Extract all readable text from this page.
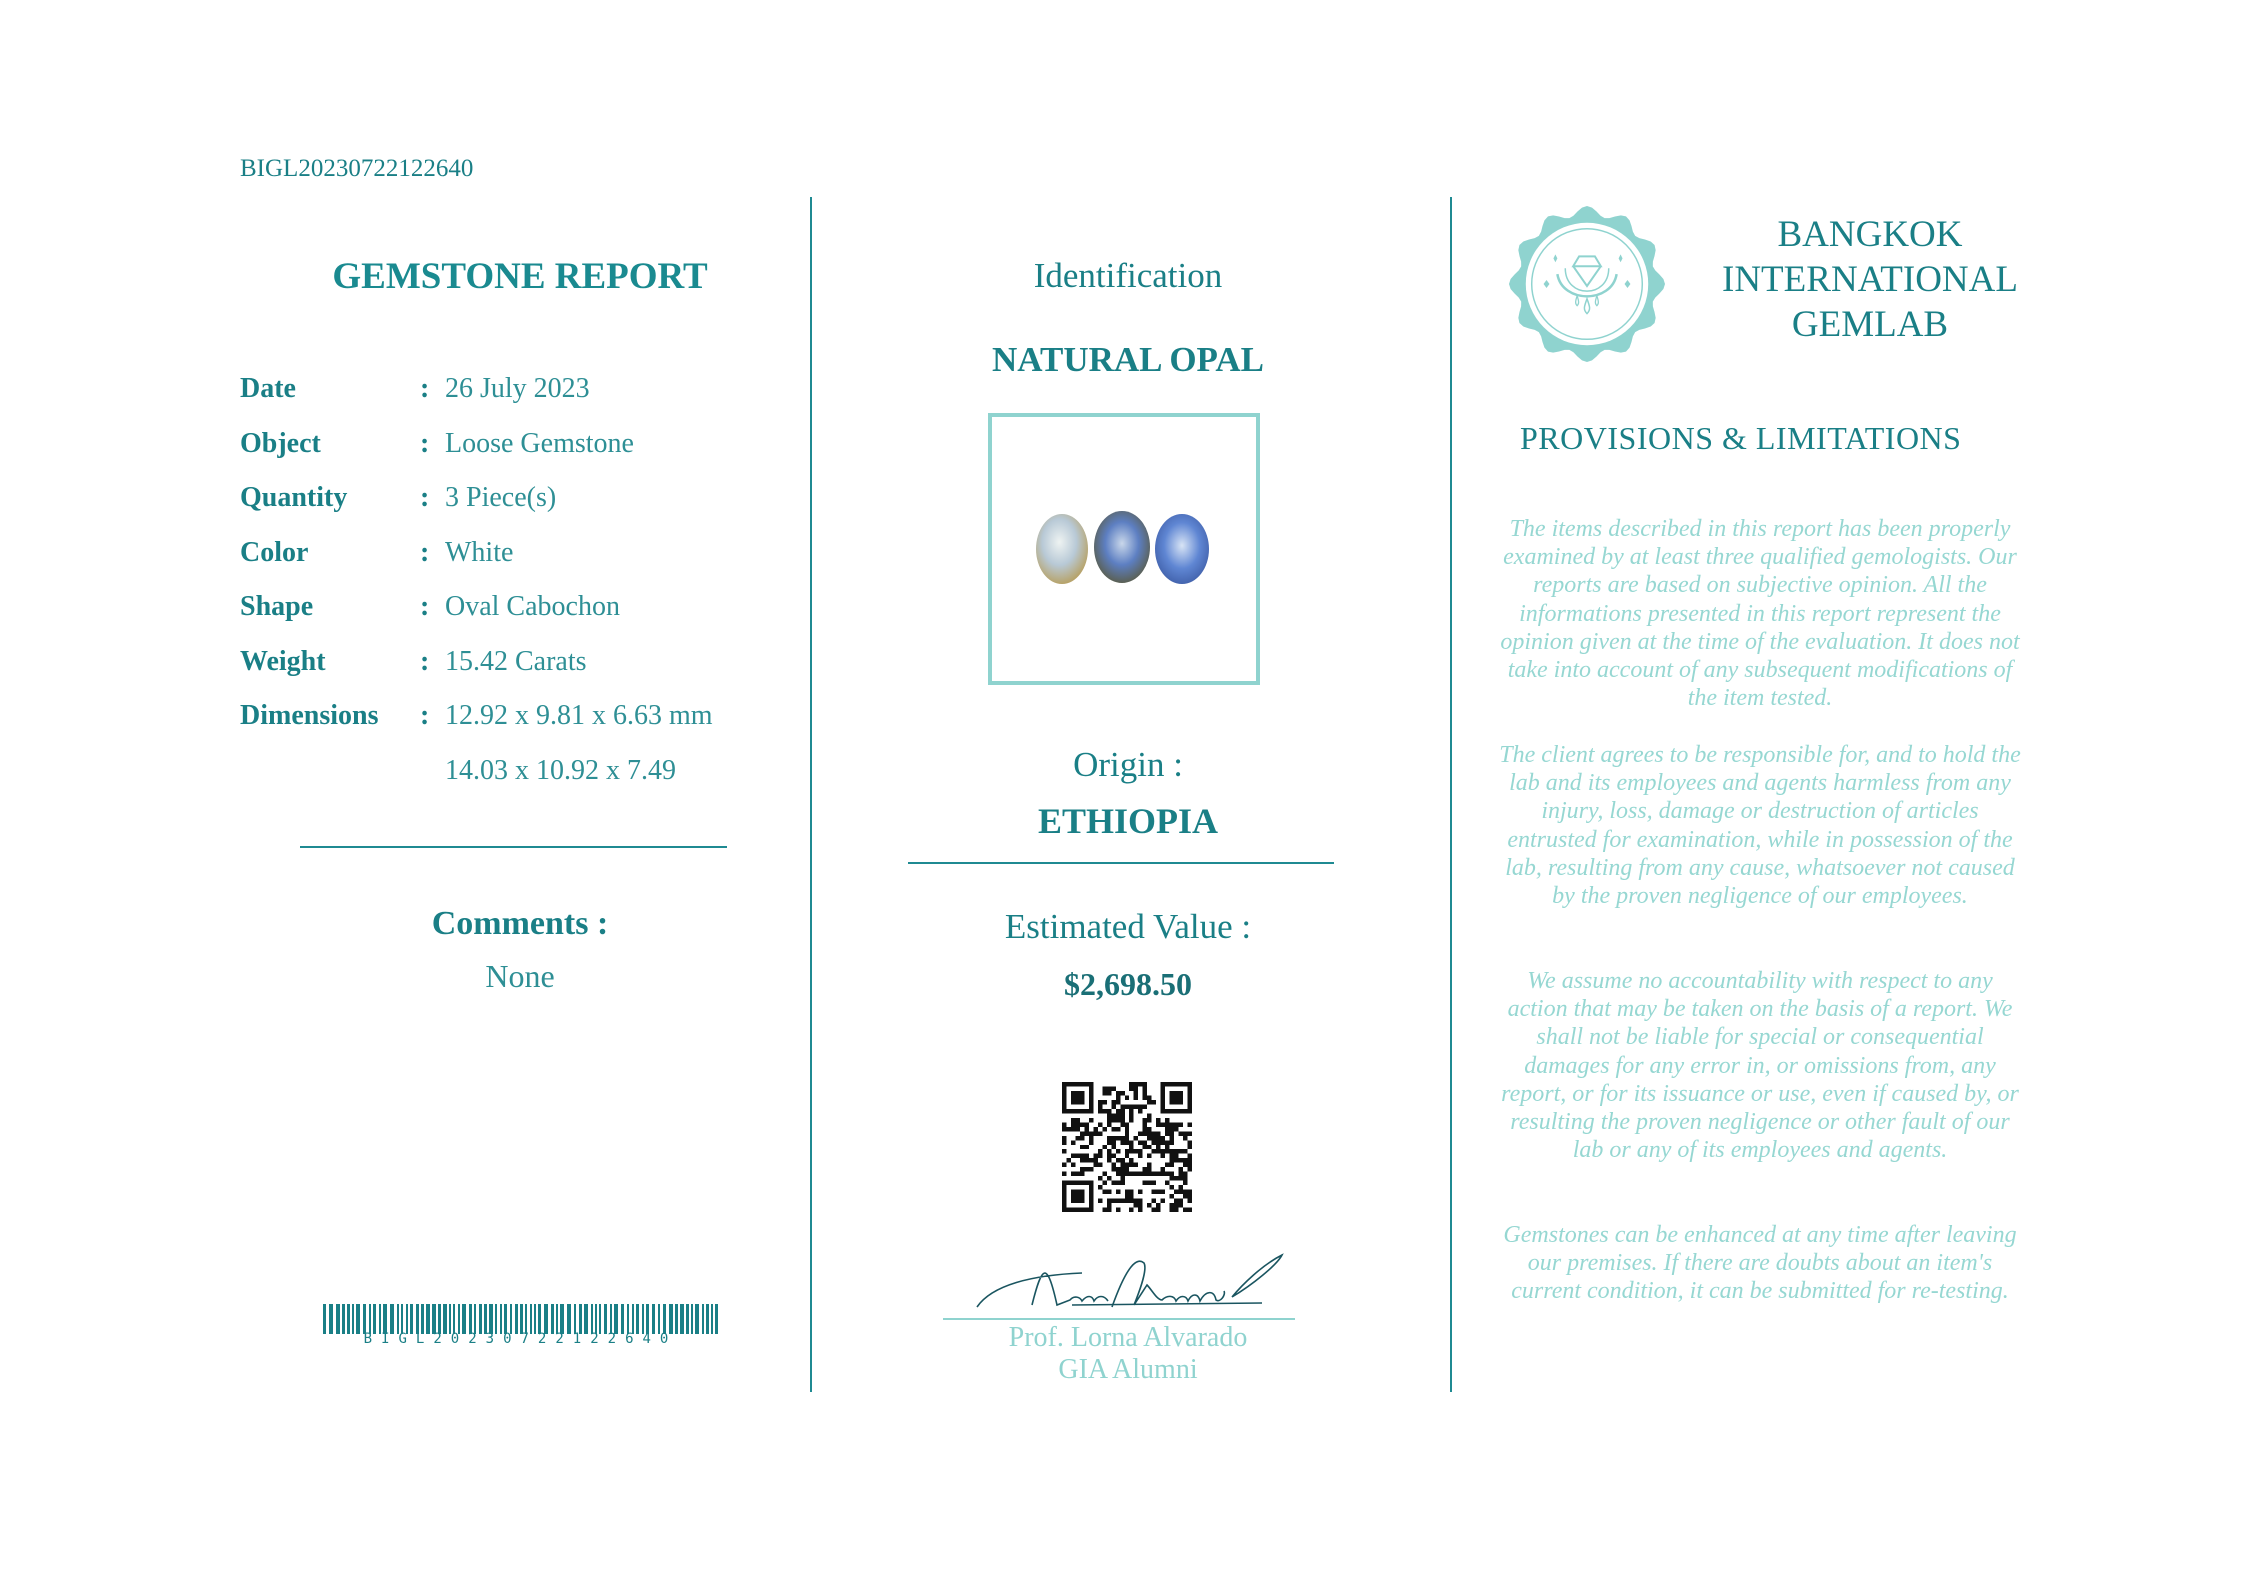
BIGL20230722122640
GEMSTONE REPORT
Date	: 26 July 2023
Object	: Loose Gemstone
Quantity	: 3 Piece(s)
Color	: White
Shape	: Oval Cabochon
Weight	: 15.42 Carats
Dimensions	: 12.92 x 9.81 x 6.63 mm
14.03 x 10.92 x 7.49
Comments :
None
BIGL20230722122640
Identification
NATURAL OPAL
Origin :
ETHIOPIA
Estimated Value :
$2,698.50
Prof. Lorna Alvarado
GIA Alumni
BANGKOK
INTERNATIONAL
GEMLAB
PROVISIONS & LIMITATIONS
The items described in this report has been properly examined by at least three qualified gemologists. Our reports are based on subjective opinion. All the informations presented in this report represent the opinion given at the time of the evaluation. It does not take into account of any subsequent modifications of the item tested.
The client agrees to be responsible for, and to hold the lab and its employees and agents harmless from any injury, loss, damage or destruction of articles entrusted for examination, while in possession of the lab, resulting from any cause, whatsoever not caused by the proven negligence of our employees.
We assume no accountability with respect to any action that may be taken on the basis of a report. We shall not be liable for special or consequential damages for any error in, or omissions from, any report, or for its issuance or use, even if caused by, or resulting the proven negligence or other fault of our lab or any of its employees and agents.
Gemstones can be enhanced at any time after leaving our premises. If there are doubts about an item's current condition, it can be submitted for re-testing.
